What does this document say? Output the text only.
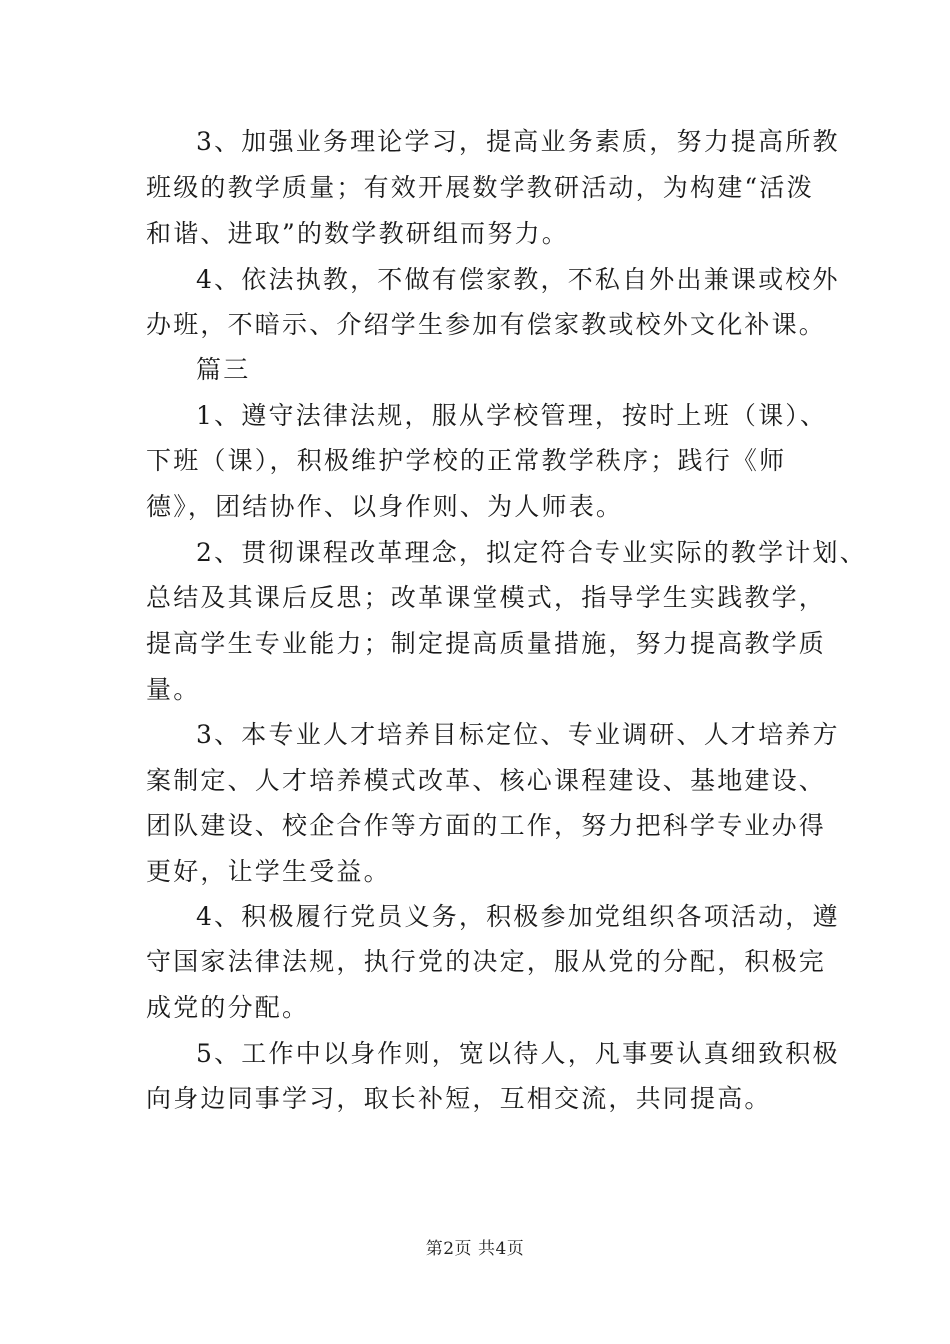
3、加强业务理论学习，提高业务素质，努力提高所教
班级的教学质量；有效开展数学教研活动，为构建“活泼
和谐、进取”的数学教研组而努力。
4、依法执教，不做有偿家教，不私自外出兼课或校外
办班，不暗示、介绍学生参加有偿家教或校外文化补课。
篇三
1、遵守法律法规，服从学校管理，按时上班（课）、
下班（课），积极维护学校的正常教学秩序；践行《师
德》，团结协作、以身作则、为人师表。
2、贯彻课程改革理念，拟定符合专业实际的教学计划、
总结及其课后反思；改革课堂模式，指导学生实践教学，
提高学生专业能力；制定提高质量措施，努力提高教学质
量。
3、本专业人才培养目标定位、专业调研、人才培养方
案制定、人才培养模式改革、核心课程建设、基地建设、
团队建设、校企合作等方面的工作，努力把科学专业办得
更好，让学生受益。
4、积极履行党员义务，积极参加党组织各项活动，遵
守国家法律法规，执行党的决定，服从党的分配，积极完
成党的分配。
5、工作中以身作则，宽以待人，凡事要认真细致积极
向身边同事学习，取长补短，互相交流，共同提高。
第2页 共4页
